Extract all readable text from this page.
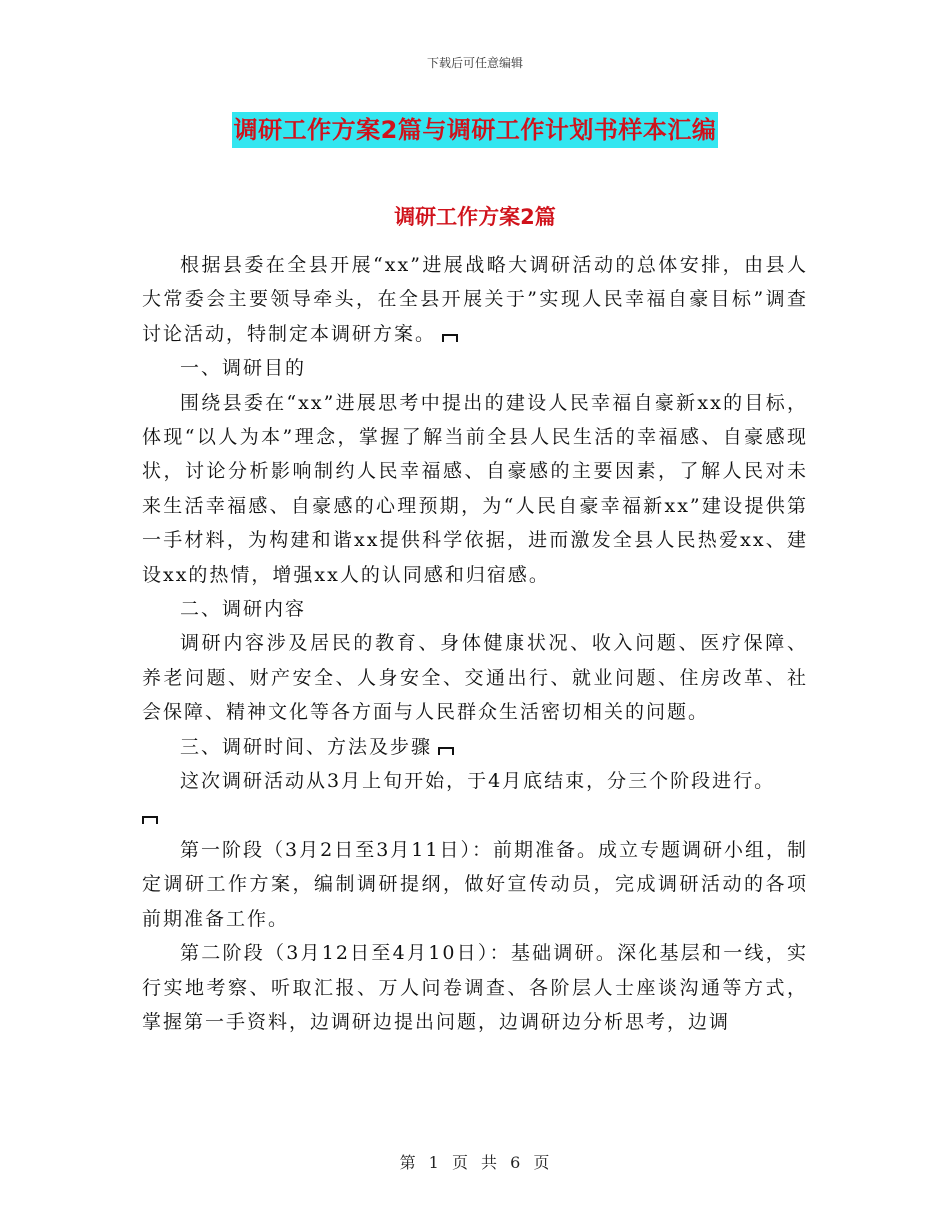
下载后可任意编辑
调研工作方案2篇与调研工作计划书样本汇编
调研工作方案2篇

根据县委在全县开展“xx”进展战略大调研活动的总体安排，由县人大常委会主要领导牵头，在全县开展关于”实现人民幸福自豪目标”调查讨论活动，特制定本调研方案。

一、调研目的

围绕县委在“xx”进展思考中提出的建设人民幸福自豪新xx的目标，体现“以人为本”理念，掌握了解当前全县人民生活的幸福感、自豪感现状，讨论分析影响制约人民幸福感、自豪感的主要因素，了解人民对未来生活幸福感、自豪感的心理预期，为“人民自豪幸福新xx”建设提供第一手材料，为构建和谐xx提供科学依据，进而激发全县人民热爱xx、建设xx的热情，增强xx人的认同感和归宿感。

二、调研内容

调研内容涉及居民的教育、身体健康状况、收入问题、医疗保障、养老问题、财产安全、人身安全、交通出行、就业问题、住房改革、社会保障、精神文化等各方面与人民群众生活密切相关的问题。

三、调研时间、方法及步骤

这次调研活动从3月上旬开始，于4月底结束，分三个阶段进行。

第一阶段（3月2日至3月11日）：前期准备。成立专题调研小组，制定调研工作方案，编制调研提纲，做好宣传动员，完成调研活动的各项前期准备工作。

第二阶段（3月12日至4月10日）：基础调研。深化基层和一线，实行实地考察、听取汇报、万人问卷调查、各阶层人士座谈沟通等方式，掌握第一手资料，边调研边提出问题，边调研边分析思考，边调

第 1 页 共 6 页
